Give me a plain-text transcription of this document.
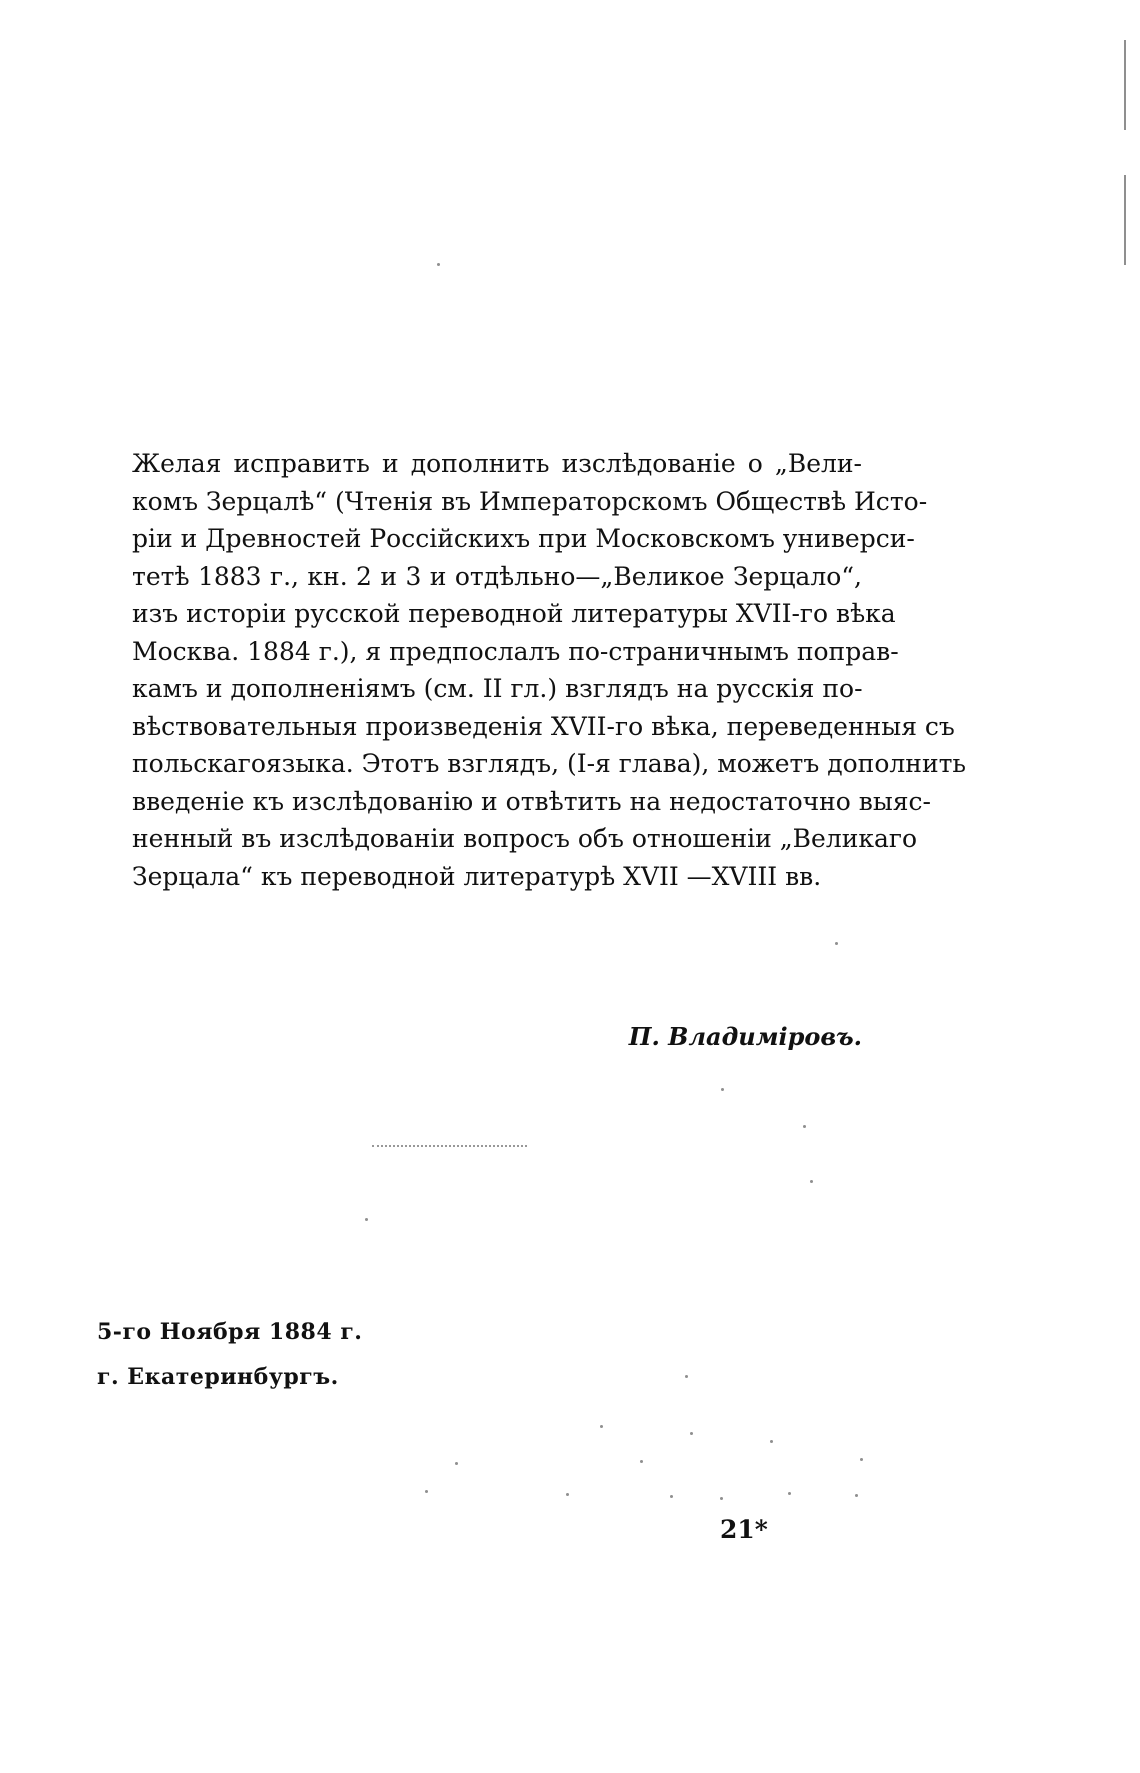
Желая исправить и дополнить изслѣдованіе о „Вели-
комъ Зерцалѣ“ (Чтенія въ Императорскомъ Обществѣ Исто-
ріи и Древностей Россійскихъ при Московскомъ универси-
тетѣ 1883 г., кн. 2 и 3 и отдѣльно—„Великое Зерцало“,
изъ исторіи русской переводной литературы XVII-го вѣка
Москва. 1884 г.), я предпослалъ по-страничнымъ поправ-
камъ и дополненіямъ (см. II гл.) взглядъ на русскія по-
вѣствовательныя произведенія XVII-го вѣка, переведенныя съ
польскагоязыка. Этотъ взглядъ, (I-я глава), можетъ дополнить
введеніе къ изслѣдованію и отвѣтить на недостаточно выяс-
ненный въ изслѣдованіи вопросъ объ отношеніи „Великаго
Зерцала“ къ переводной литературѣ XVII —XVIII вв.
П. Владиміровъ.
5-го Ноября 1884 г.
г. Екатеринбургъ.
21*
